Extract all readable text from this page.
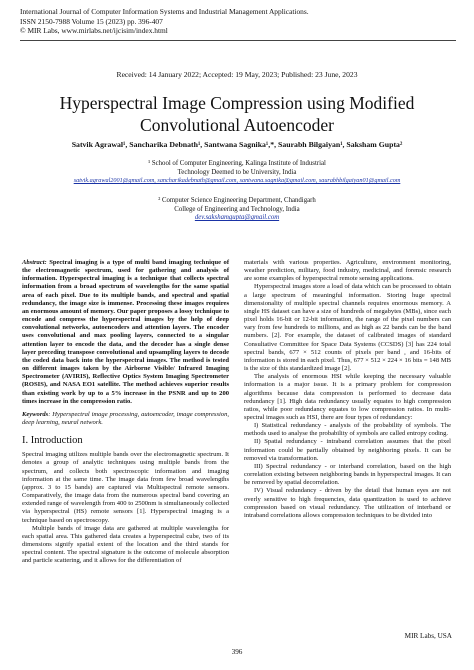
International Journal of Computer Information Systems and Industrial Management Applications.
ISSN 2150-7988 Volume 15 (2023) pp. 396-407
© MIR Labs, www.mirlabs.net/ijcisim/index.html
Received: 14 January 2022; Accepted: 19 May, 2023; Published: 23 June, 2023
Hyperspectral Image Compression using Modified
Convolutional Autoencoder
Satvik Agrawal¹, Sancharika Debnath¹, Santwana Sagnika¹,*, Saurabh Bilgaiyan¹, Saksham Gupta²
¹ School of Computer Engineering, Kalinga Institute of Industrial
Technology Deemed to be University, India
satvik.agrawal2001@gmail.com, sancharikadebnath@gmail.com, santwana.sagnika@gmail.com, saurabhbilgaiyan01@gmail.com
² Computer Science Engineering Department, Chandigarh
College of Engineering and Technology, India
dev.sakshamgupta@gmail.com
Abstract: Spectral imaging is a type of multi band imaging technique of the electromagnetic spectrum, used for gathering and analysis of information. Hyperspectral imaging is a technique that collects spectral information from a broad spectrum of wavelengths for the same spatial area of each pixel. Due to its multiple bands, and spectral and spatial redundancy, the image size is immense. Processing these images requires an enormous amount of memory. Our paper proposes a lossy technique to encode and compress the hyperspectral images by the help of deep convolutional networks, autoencoders and attention layers. The encoder uses convolutional and max pooling layers, connected to a singular attention layer to encode the data, and the decoder has a single dense layer preceding transpose convolutional and upsampling layers to decode the coded data back into the hyperspectral images. The method is tested on different images taken by the Airborne Visible/ Infrared Imaging Spectrometer (AVIRIS), Reflective Optics System Imaging Spectrometer (ROSIS), and NASA EO1 satellite. The method achieves superior results than existing work by up to a 5% increase in the PSNR and up to 200 times increase in the compression ratio.
Keywords: Hyperspectral image processing, autoencoder, image compression, deep learning, neural network.
I. Introduction

Spectral imaging utilizes multiple bands over the electromagnetic spectrum. It denotes a group of analytic techniques using multiple bands from the spectrum, and collects both spectroscopic information and imaging information at the same time. The image data from few broad wavelengths (approx. 3 to 15 bands) are captured via Multispectral remote sensors. Comparatively, the image data from the numerous spectral band covering an extended range of wavelength from 400 to 2500nm is simultaneously collected via hyperspectral (HS) remote sensors [1]. Hyperspectral imaging is a technique based on spectroscopy.

Multiple bands of image data are gathered at multiple wavelengths for each spatial area. This gathered data creates a hyperspectral cube, two of its dimensions signify spatial extent of the location and the third stands for spectral content. The spectral signature is the outcome of molecule absorption and particle scattering, and it allows for the differentiation of

materials with various properties. Agriculture, environment monitoring, weather prediction, military, food industry, medicinal, and forensic research are some examples of hyperspectral remote sensing applications.

Hyperspectral images store a load of data which can be processed to obtain a large spectrum of meaningful information. Storing huge spectral dimensionality of multiple spectral channels requires enormous memory. A single HS dataset can have a size of hundreds of megabytes (MBs), since each pixel holds 16-bit or 12-bit information, the range of the pixel numbers can vary from few hundreds to millions, and as high as 22 bands can be the band numbers. [2]. For example, the dataset of calibrated images of standard Consultative Committee for Space Data Systems (CCSDS) [3] has 224 total spectral bands, 677 × 512 counts of pixels per band , and 16-bits of information is stored in each pixel. Thus, 677 × 512 × 224 × 16 bits = 148 MB is the size of this standardized image [2].

The analysis of enormous HSI while keeping the necessary valuable information is a major issue. It is a primary problem for compression algorithms because data compression is performed to decrease data redundancy [1]. High data redundancy usually equates to high compression ratios, while poor redundancy equates to low compression ratios. In multi-spectral images such as HSI, there are four types of redundancy:

I) Statistical redundancy - analysis of the probability of symbols. The methods used to analyse the probability of symbols are called entropy coding.

II) Spatial redundancy - intraband correlation assumes that the pixel information could be partially obtained by neighboring pixels. It can be removed via transformation.

III) Spectral redundancy - or interband correlation, based on the high correlation existing between neighboring bands in hyperspectral images. It can be removed by spatial decorrelation.

IV) Visual redundancy - driven by the detail that human eyes are not overly sensitive to high frequencies, data quantization is used to achieve compression based on visual redundancy. The utilization of interband or intraband correlations allows compression techniques to be divided into

MIR Labs, USA
396
